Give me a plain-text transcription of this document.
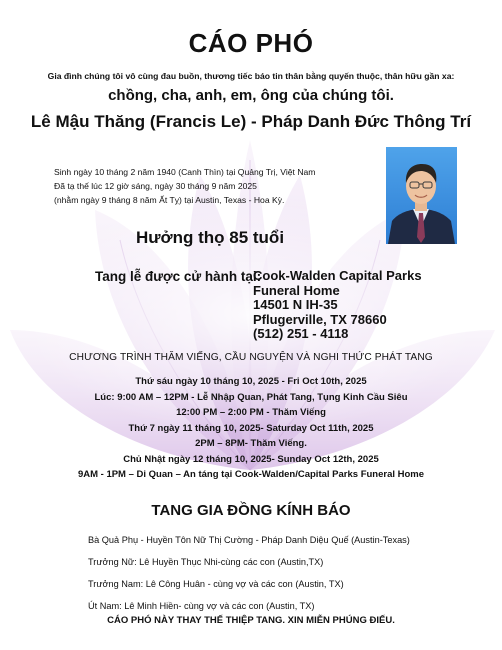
CÁO PHÓ

Gia đình chúng tôi vô cùng đau buồn, thương tiếc báo tin thân bằng quyến thuộc, thân hữu gần xa:

chồng, cha, anh, em, ông của chúng tôi.

Lê Mậu Thăng (Francis Le) - Pháp Danh Đức Thông Trí

Sinh ngày 10 tháng 2 năm 1940 (Canh Thìn) tại Quảng Trị, Việt Nam
Đã tạ thế lúc 12 giờ sáng, ngày 30 tháng 9 năm 2025
(nhằm ngày 9 tháng 8 năm Ất Tỵ) tại Austin, Texas - Hoa Kỳ.

Hưởng thọ 85 tuổi

Tang lễ được cử hành tại:

Cook-Walden Capital Parks
Funeral Home
14501 N IH-35
Pflugerville, TX 78660
(512) 251 - 4118

CHƯƠNG TRÌNH THĂM VIẾNG, CẦU NGUYỆN VÀ NGHI THỨC PHÁT TANG

Thứ sáu ngày 10 tháng 10, 2025 - Fri Oct 10th, 2025
Lúc: 9:00 AM – 12PM - Lễ Nhập Quan, Phát Tang, Tụng Kinh Cầu Siêu
12:00 PM – 2:00 PM - Thăm Viếng
Thứ 7 ngày 11 tháng 10, 2025- Saturday Oct 11th, 2025
2PM – 8PM- Thăm Viếng.
Chủ Nhật ngày 12 tháng 10, 2025- Sunday Oct 12th, 2025
9AM - 1PM – Di Quan – An táng tại Cook-Walden/Capital Parks Funeral Home

TANG GIA ĐỒNG KÍNH BÁO

Bà Quả Phụ - Huyền Tôn Nữ Thị Cường - Pháp Danh Diệu Quế (Austin-Texas)
Trưởng Nữ: Lê Huyền Thục Nhi-cùng các con (Austin,TX)
Trưởng Nam: Lê Công Huân - cùng vợ và các con (Austin, TX)
Út Nam: Lê Minh Hiền- cùng vợ và các con (Austin, TX)

CÁO PHÓ NÀY THAY THẾ THIỆP TANG. XIN MIỄN PHÚNG ĐIẾU.
